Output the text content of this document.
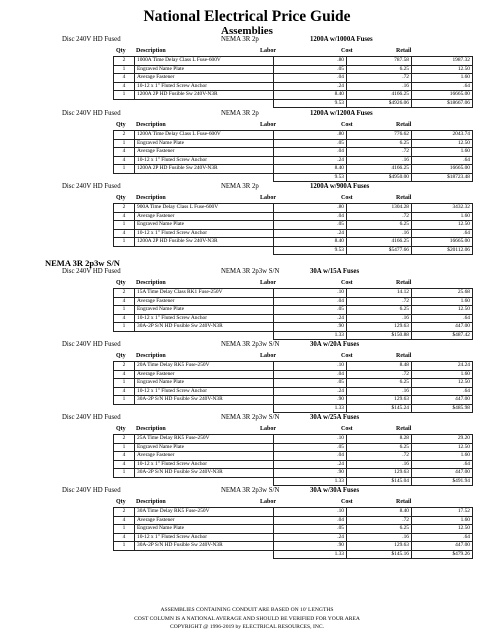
National Electrical Price Guide
Assemblies
NEMA 3R 2p3w S/N
Disc 240V HD Fused	NEMA 3R 2p	1200A w/1000A Fuses
Qty Description	Labor	Cost	Retail
2	1000A Time Delay Class L Fuse-600V	.80	787.58	1987.32
1	Engraved Name Plate	.05	6.25	12.50
4	Average Fastener	.04	.72	1.60
4	10-12 x 1" Fluted Screw Anchor	.24	.16	.64
1	1200A 2P HD Fusible Sw 240V-N3R	8.40	4166.25	16665.00
		9.53	$4926.06	$18667.06
Disc 240V HD Fused	NEMA 3R 2p	1200A w/1200A Fuses
Qty Description	Labor	Cost	Retail
2	1200A Time Delay Class L Fuse-600V	.80	776.62	2043.74
1	Engraved Name Plate	.05	6.25	12.50
4	Average Fastener	.04	.72	1.60
4	10-12 x 1" Fluted Screw Anchor	.24	.16	.64
1	1200A 2P HD Fusible Sw 240V-N3R	8.40	4166.25	16665.00
		9.53	$4950.00	$18723.48
Disc 240V HD Fused	NEMA 3R 2p	1200A w/900A Fuses
Qty Description	Labor	Cost	Retail
2	900A Time Delay Class L Fuse-600V	.80	1304.28	3432.32
4	Average Fastener	.04	.72	1.60
1	Engraved Name Plate	.05	6.25	12.50
4	10-12 x 1" Fluted Screw Anchor	.24	.16	.64
1	1200A 2P HD Fusible Sw 240V-N3R	8.40	4166.25	16665.00
		9.53	$5477.66	$20112.06
Disc 240V HD Fused	NEMA 3R 2p3w S/N	30A w/15A Fuses
Qty Description	Labor	Cost	Retail
2	15A Time Delay Class RK1 Fuse-250V	.10	14.12	25.68
4	Average Fastener	.04	.72	1.60
1	Engraved Name Plate	.05	6.25	12.50
4	10-12 x 1" Fluted Screw Anchor	.24	.16	.64
1	30A-2P S/N HD Fusible Sw 240V-N3R	.90	129.63	447.00
		1.33	$150.88	$487.42
Disc 240V HD Fused	NEMA 3R 2p3w S/N	30A w/20A Fuses
Qty Description	Labor	Cost	Retail
2	20A Time Delay RK5 Fuse-250V	.10	8.48	24.24
4	Average Fastener	.04	.72	1.60
1	Engraved Name Plate	.05	6.25	12.50
4	10-12 x 1" Fluted Screw Anchor	.24	.16	.64
1	30A-2P S/N HD Fusible Sw 240V-N3R	.90	129.63	447.00
		1.33	$145.24	$485.98
Disc 240V HD Fused	NEMA 3R 2p3w S/N	30A w/25A Fuses
Qty Description	Labor	Cost	Retail
2	25A Time Delay RK5 Fuse-250V	.10	8.28	29.20
1	Engraved Name Plate	.05	6.25	12.50
4	Average Fastener	.04	.72	1.60
4	10-12 x 1" Fluted Screw Anchor	.24	.16	.64
1	30A-2P S/N HD Fusible Sw 240V-N3R	.90	129.63	447.00
		1.33	$145.04	$491.94
Disc 240V HD Fused	NEMA 3R 2p3w S/N	30A w/30A Fuses
Qty Description	Labor	Cost	Retail
2	30A Time Delay RK5 Fuse-250V	.10	8.40	17.52
4	Average Fastener	.04	.72	1.60
1	Engraved Name Plate	.05	6.25	12.50
4	10-12 x 1" Fluted Screw Anchor	.24	.16	.64
1	30A-2P S/N HD Fusible Sw 240V-N3R	.90	129.63	447.00
		1.33	$145.16	$479.26
ASSEMBLIES CONTAINING CONDUIT ARE BASED ON 10' LENGTHS
COST COLUMN IS A NATIONAL AVERAGE AND SHOULD BE VERIFIED FOR YOUR AREA
COPYRIGHT @ 1996-2019 by ELECTRICAL RESOURCES, INC.
